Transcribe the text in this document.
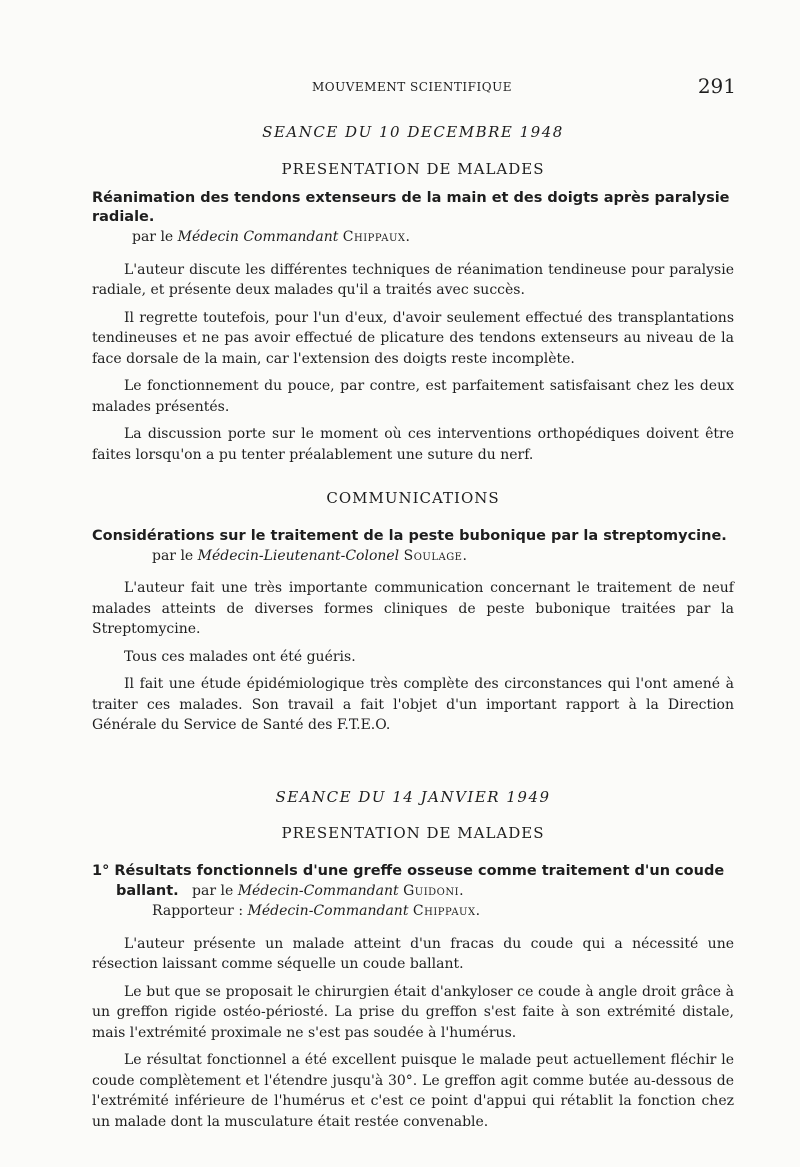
MOUVEMENT SCIENTIFIQUE	291
SEANCE DU 10 DECEMBRE 1948
PRESENTATION DE MALADES

Réanimation des tendons extenseurs de la main et des doigts après paralysie radiale.

par le Médecin Commandant Chippaux.

L'auteur discute les différentes techniques de réanimation tendineuse pour paralysie radiale, et présente deux malades qu'il a traités avec succès.

Il regrette toutefois, pour l'un d'eux, d'avoir seulement effectué des transplantations tendineuses et ne pas avoir effectué de plicature des tendons extenseurs au niveau de la face dorsale de la main, car l'extension des doigts reste incomplète.

Le fonctionnement du pouce, par contre, est parfaitement satisfaisant chez les deux malades présentés.

La discussion porte sur le moment où ces interventions orthopédiques doivent être faites lorsqu'on a pu tenter préalablement une suture du nerf.

COMMUNICATIONS

Considérations sur le traitement de la peste bubonique par la streptomycine.

par le Médecin-Lieutenant-Colonel Soulage.

L'auteur fait une très importante communication concernant le traitement de neuf malades atteints de diverses formes cliniques de peste bubonique traitées par la Streptomycine.

Tous ces malades ont été guéris.

Il fait une étude épidémiologique très complète des circonstances qui l'ont amené à traiter ces malades. Son travail a fait l'objet d'un important rapport à la Direction Générale du Service de Santé des F.T.E.O.

SEANCE DU 14 JANVIER 1949
PRESENTATION DE MALADES

1° Résultats fonctionnels d'une greffe osseuse comme traitement d'un coude

ballant. par le Médecin-Commandant Guidoni.

Rapporteur : Médecin-Commandant Chippaux.

L'auteur présente un malade atteint d'un fracas du coude qui a nécessité une résection laissant comme séquelle un coude ballant.

Le but que se proposait le chirurgien était d'ankyloser ce coude à angle droit grâce à un greffon rigide ostéo-périosté. La prise du greffon s'est faite à son extrémité distale, mais l'extrémité proximale ne s'est pas soudée à l'humérus.

Le résultat fonctionnel a été excellent puisque le malade peut actuellement fléchir le coude complètement et l'étendre jusqu'à 30°. Le greffon agit comme butée au-dessous de l'extrémité inférieure de l'humérus et c'est ce point d'appui qui rétablit la fonction chez un malade dont la musculature était restée convenable.
